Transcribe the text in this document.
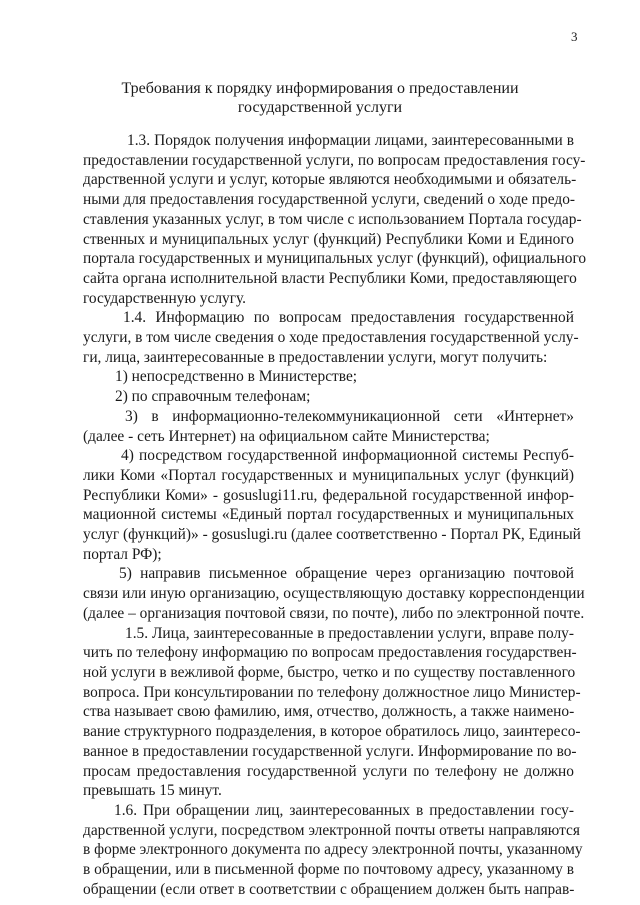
3
Требования к порядку информирования о предоставлении
государственной услуги
1.3. Порядок получения информации лицами, заинтересованными в
предоставлении государственной услуги, по вопросам предоставления госу-
дарственной услуги и услуг, которые являются необходимыми и обязатель-
ными для предоставления государственной услуги, сведений о ходе предо-
ставления указанных услуг, в том числе с использованием Портала государ-
ственных и муниципальных услуг (функций) Республики Коми и Единого
портала государственных и муниципальных услуг (функций), официального
сайта органа исполнительной власти Республики Коми, предоставляющего
государственную услугу.
1.4. Информацию по вопросам предоставления государственной
услуги, в том числе сведения о ходе предоставления государственной услу-
ги, лица, заинтересованные в предоставлении услуги, могут получить:
1) непосредственно в Министерстве;
2) по справочным телефонам;
3) в информационно-телекоммуникационной сети «Интернет»
(далее - сеть Интернет) на официальном сайте Министерства;
4) посредством государственной информационной системы Респуб-
лики Коми «Портал государственных и муниципальных услуг (функций)
Республики Коми» - gosuslugi11.ru, федеральной государственной инфор-
мационной системы «Единый портал государственных и муниципальных
услуг (функций)» - gosuslugi.ru (далее соответственно - Портал РК, Единый
портал РФ);
5) направив письменное обращение через организацию почтовой
связи или иную организацию, осуществляющую доставку корреспонденции
(далее – организация почтовой связи, по почте), либо по электронной почте.
1.5. Лица, заинтересованные в предоставлении услуги, вправе полу-
чить по телефону информацию по вопросам предоставления государствен-
ной услуги в вежливой форме, быстро, четко и по существу поставленного
вопроса. При консультировании по телефону должностное лицо Министер-
ства называет свою фамилию, имя, отчество, должность, а также наимено-
вание структурного подразделения, в которое обратилось лицо, заинтересо-
ванное в предоставлении государственной услуги. Информирование по во-
просам предоставления государственной услуги по телефону не должно
превышать 15 минут.
1.6. При обращении лиц, заинтересованных в предоставлении госу-
дарственной услуги, посредством электронной почты ответы направляются
в форме электронного документа по адресу электронной почты, указанному
в обращении, или в письменной форме по почтовому адресу, указанному в
обращении (если ответ в соответствии с обращением должен быть направ-
